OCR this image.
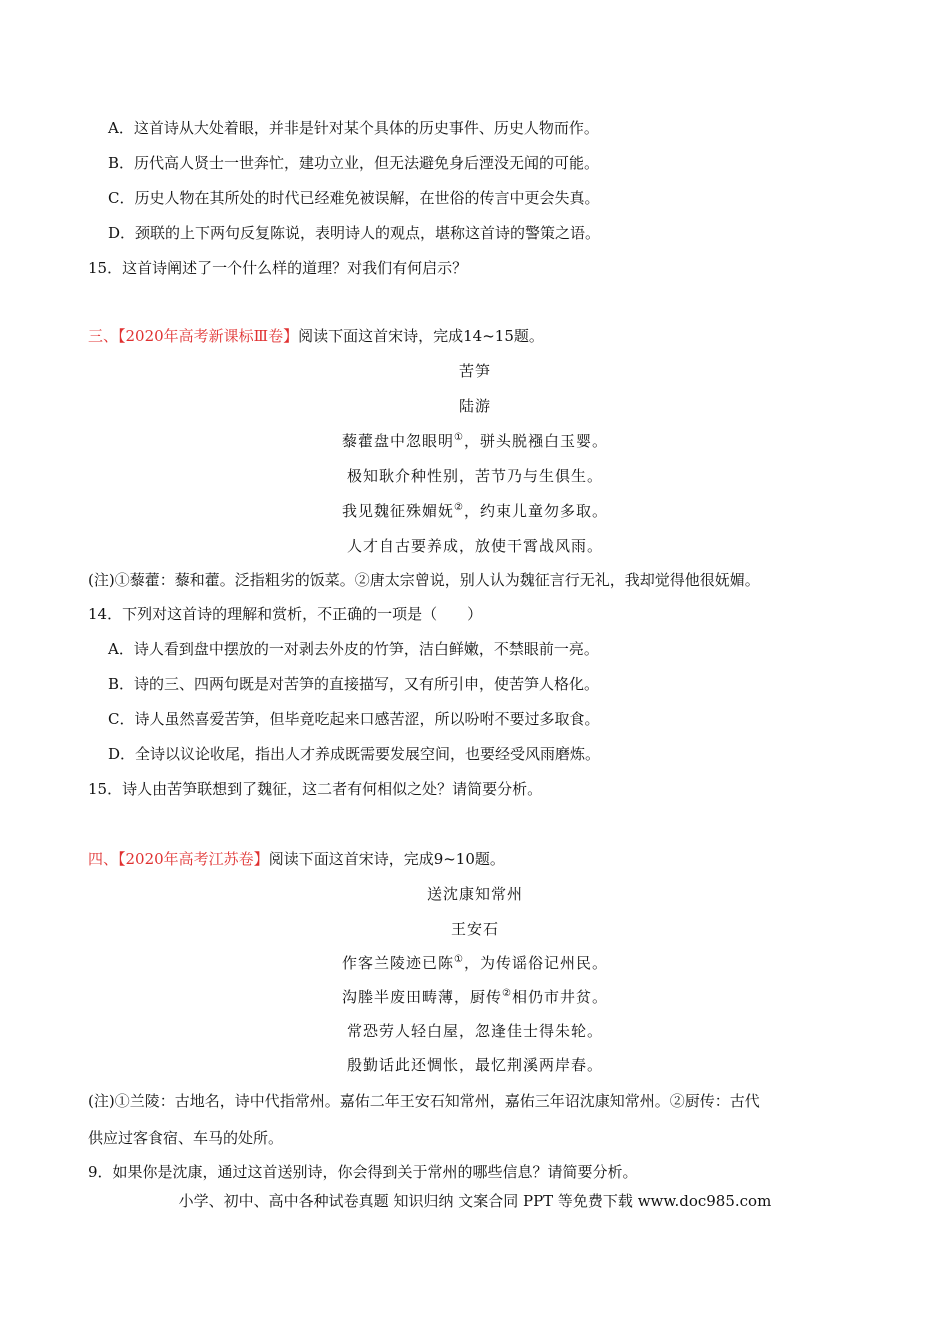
A．这首诗从大处着眼，并非是针对某个具体的历史事件、历史人物而作。
B．历代高人贤士一世奔忙，建功立业，但无法避免身后湮没无闻的可能。
C．历史人物在其所处的时代已经难免被误解，在世俗的传言中更会失真。
D．颈联的上下两句反复陈说，表明诗人的观点，堪称这首诗的警策之语。
15．这首诗阐述了一个什么样的道理？对我们有何启示？
三、【2020年高考新课标Ⅲ卷】阅读下面这首宋诗，完成14~15题。
苦笋
陆游
藜藿盘中忽眼明①，骈头脱襁白玉婴。
极知耿介种性别，苦节乃与生俱生。
我见魏征殊媚妩②，约束儿童勿多取。
人才自古要养成，放使干霄战风雨。
(注)①藜藿：藜和藿。泛指粗劣的饭菜。②唐太宗曾说，别人认为魏征言行无礼，我却觉得他很妩媚。
14．下列对这首诗的理解和赏析，不正确的一项是（　　）
A．诗人看到盘中摆放的一对剥去外皮的竹笋，洁白鲜嫩，不禁眼前一亮。
B．诗的三、四两句既是对苦笋的直接描写，又有所引申，使苦笋人格化。
C．诗人虽然喜爱苦笋，但毕竟吃起来口感苦涩，所以吩咐不要过多取食。
D．全诗以议论收尾，指出人才养成既需要发展空间，也要经受风雨磨炼。
15．诗人由苦笋联想到了魏征，这二者有何相似之处？请简要分析。
四、【2020年高考江苏卷】阅读下面这首宋诗，完成9~10题。
送沈康知常州
王安石
作客兰陵迹已陈①，为传谣俗记州民。
沟塍半废田畴薄，厨传②相仍市井贫。
常恐劳人轻白屋，忽逢佳士得朱轮。
殷勤话此还惆怅，最忆荆溪两岸春。
(注)①兰陵：古地名，诗中代指常州。嘉佑二年王安石知常州，嘉佑三年诏沈康知常州。②厨传：古代
供应过客食宿、车马的处所。
9．如果你是沈康，通过这首送别诗，你会得到关于常州的哪些信息？请简要分析。
小学、初中、高中各种试卷真题 知识归纳 文案合同 PPT 等免费下载 www.doc985.com
